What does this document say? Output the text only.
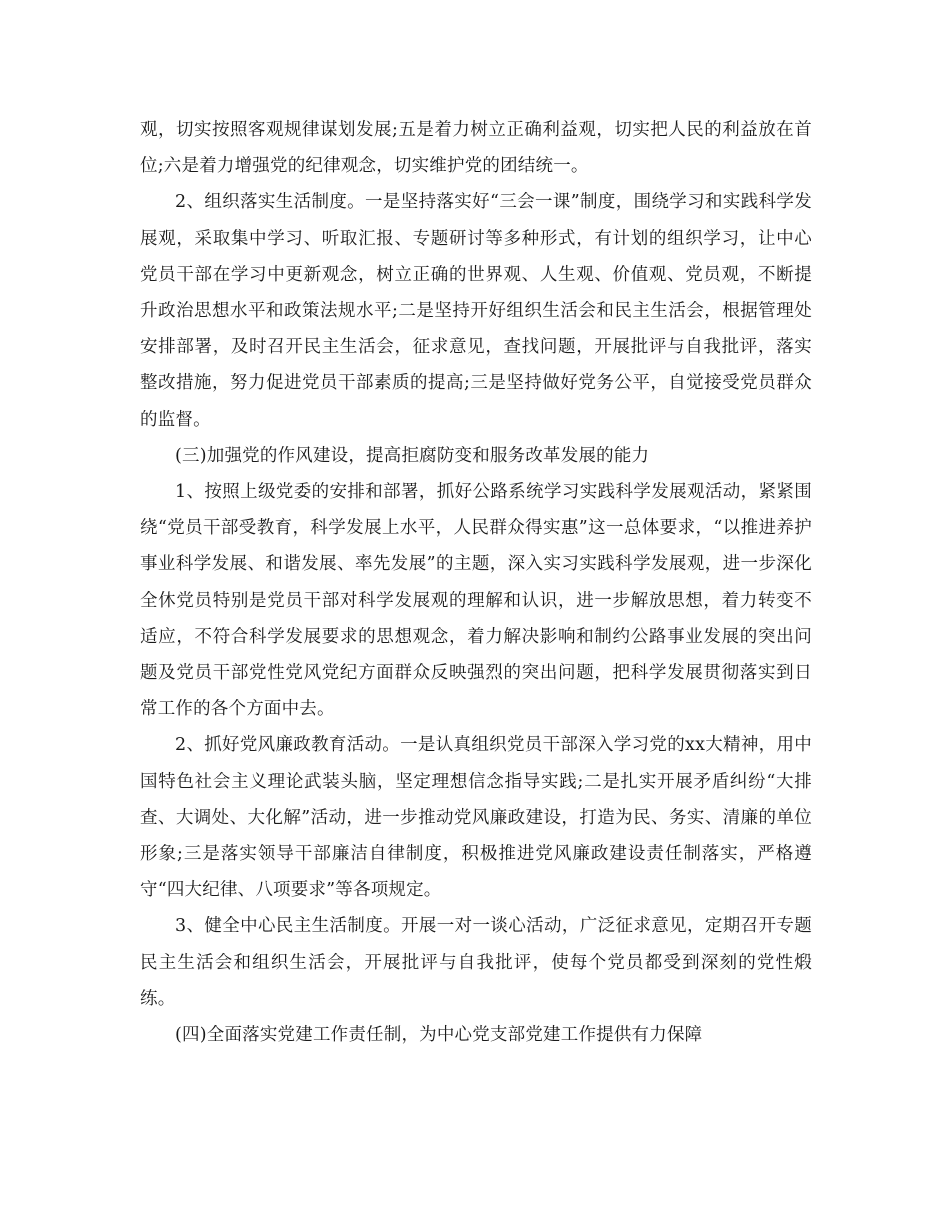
观，切实按照客观规律谋划发展;五是着力树立正确利益观，切实把人民的利益放在首位;六是着力增强党的纪律观念，切实维护党的团结统一。

2、组织落实生活制度。一是坚持落实好“三会一课”制度，围绕学习和实践科学发展观，采取集中学习、听取汇报、专题研讨等多种形式，有计划的组织学习，让中心党员干部在学习中更新观念，树立正确的世界观、人生观、价值观、党员观，不断提升政治思想水平和政策法规水平;二是坚持开好组织生活会和民主生活会，根据管理处安排部署，及时召开民主生活会，征求意见，查找问题，开展批评与自我批评，落实整改措施，努力促进党员干部素质的提高;三是坚持做好党务公平，自觉接受党员群众的监督。

(三)加强党的作风建设，提高拒腐防变和服务改革发展的能力

1、按照上级党委的安排和部署，抓好公路系统学习实践科学发展观活动，紧紧围绕“党员干部受教育，科学发展上水平，人民群众得实惠”这一总体要求，“以推进养护事业科学发展、和谐发展、率先发展”的主题，深入实习实践科学发展观，进一步深化全休党员特别是党员干部对科学发展观的理解和认识，进一步解放思想，着力转变不适应，不符合科学发展要求的思想观念，着力解决影响和制约公路事业发展的突出问题及党员干部党性党风党纪方面群众反映强烈的突出问题，把科学发展贯彻落实到日常工作的各个方面中去。

2、抓好党风廉政教育活动。一是认真组织党员干部深入学习党的xx大精神，用中国特色社会主义理论武装头脑，坚定理想信念指导实践;二是扎实开展矛盾纠纷“大排查、大调处、大化解”活动，进一步推动党风廉政建设，打造为民、务实、清廉的单位形象;三是落实领导干部廉洁自律制度，积极推进党风廉政建设责任制落实，严格遵守“四大纪律、八项要求”等各项规定。

3、健全中心民主生活制度。开展一对一谈心活动，广泛征求意见，定期召开专题民主生活会和组织生活会，开展批评与自我批评，使每个党员都受到深刻的党性煅练。

(四)全面落实党建工作责任制，为中心党支部党建工作提供有力保障
